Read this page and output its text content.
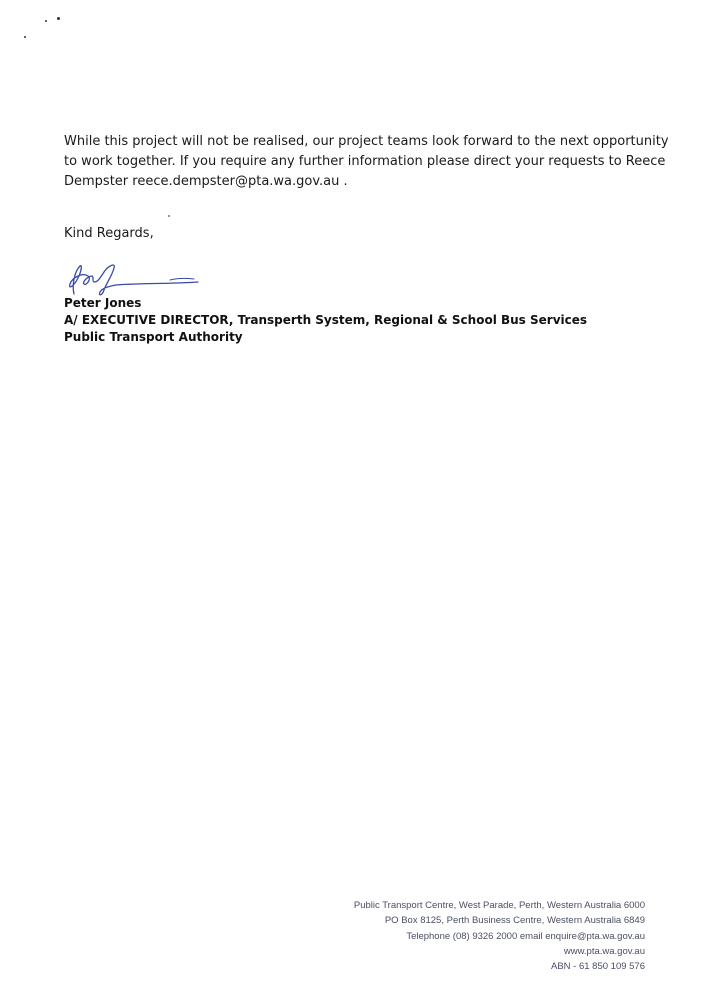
While this project will not be realised, our project teams look forward to the next opportunity
to work together. If you require any further information please direct your requests to Reece
Dempster reece.dempster@pta.wa.gov.au .
Kind Regards,
Peter Jones
A/ EXECUTIVE DIRECTOR, Transperth System, Regional & School Bus Services
Public Transport Authority
Public Transport Centre, West Parade, Perth, Western Australia 6000
PO Box 8125, Perth Business Centre, Western Australia 6849
Telephone (08) 9326 2000 email enquire@pta.wa.gov.au
www.pta.wa.gov.au
ABN - 61 850 109 576
